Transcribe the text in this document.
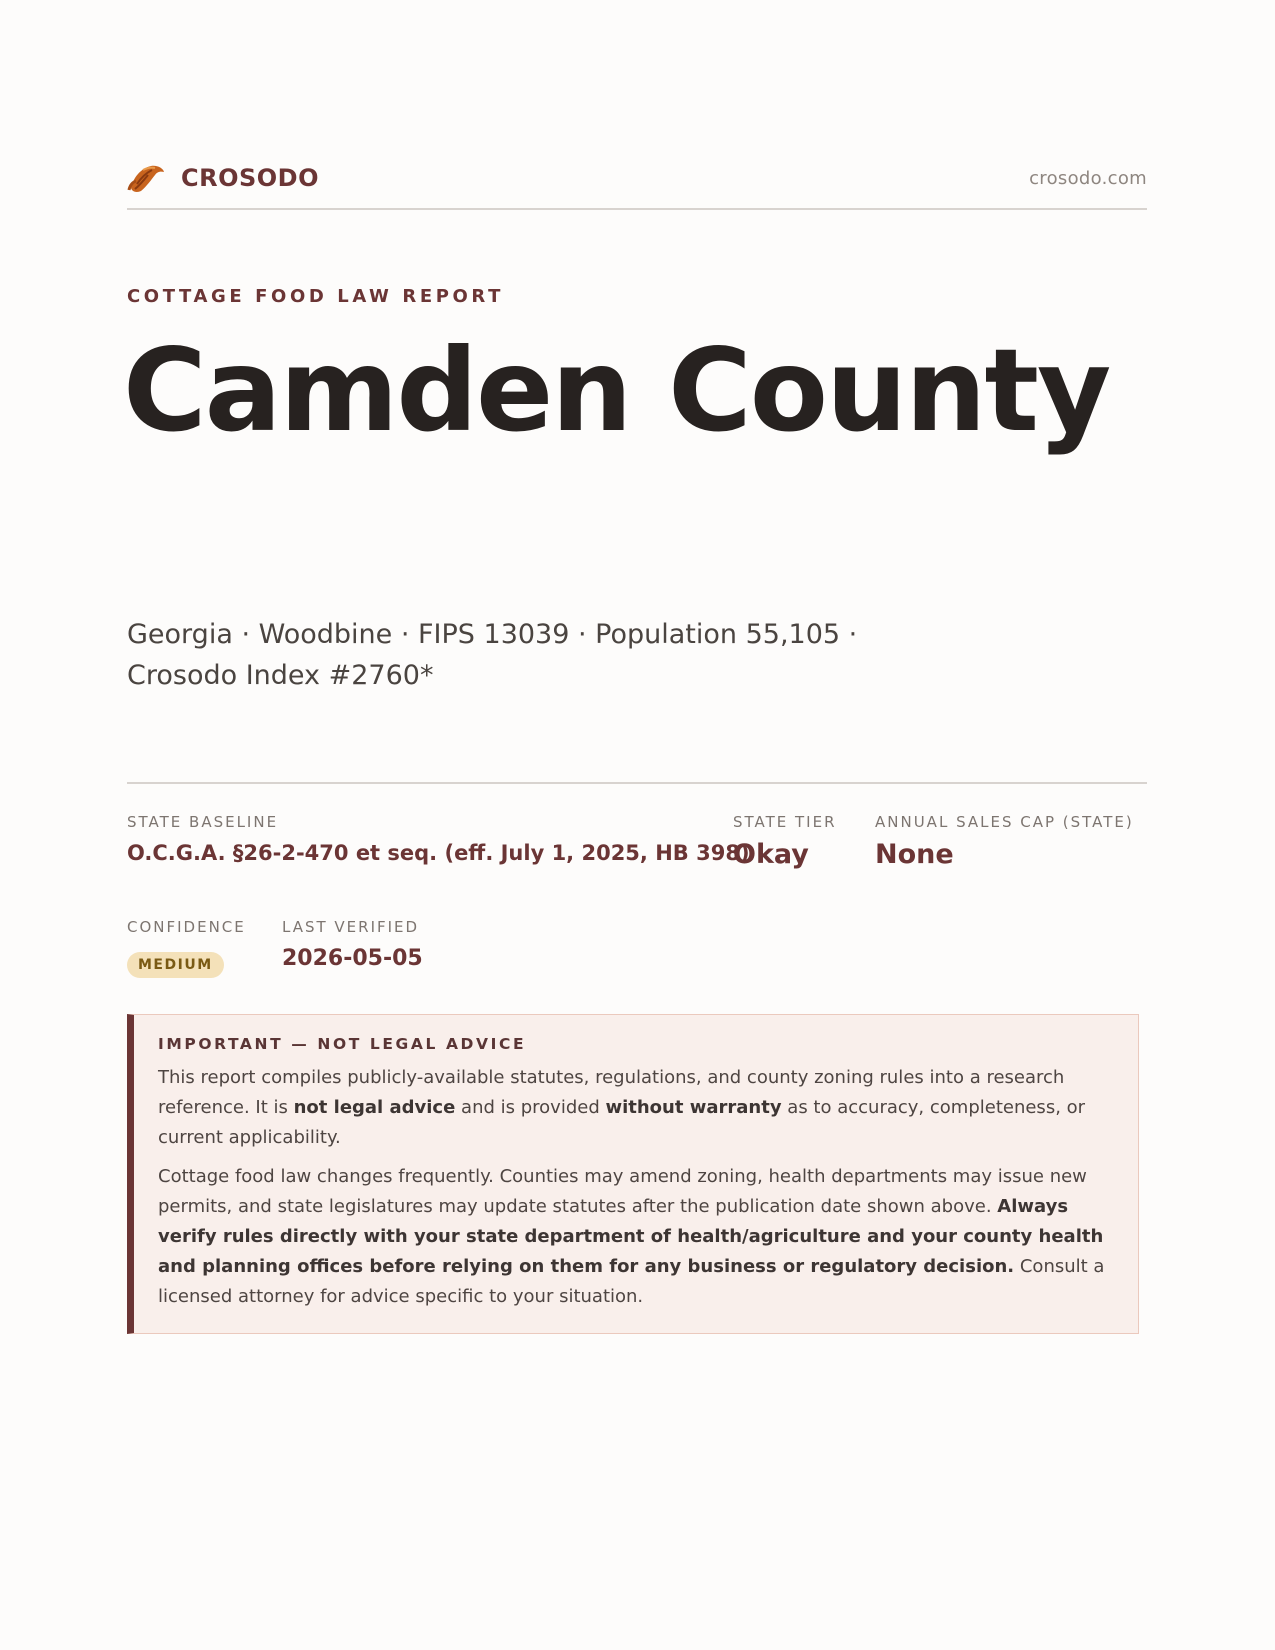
CROSODO	crosodo.com
COTTAGE FOOD LAW REPORT
Camden County
Georgia · Woodbine · FIPS 13039 · Population 55,105 · Crosodo Index #2760*
STATE BASELINE
O.C.G.A. §26-2-470 et seq. (eff. July 1, 2025, HB 398)
STATE TIER
Okay
ANNUAL SALES CAP (STATE)
None
CONFIDENCE
MEDIUM
LAST VERIFIED
2026-05-05
IMPORTANT — NOT LEGAL ADVICE

This report compiles publicly-available statutes, regulations, and county zoning rules into a research reference. It is not legal advice and is provided without warranty as to accuracy, completeness, or current applicability.

Cottage food law changes frequently. Counties may amend zoning, health departments may issue new permits, and state legislatures may update statutes after the publication date shown above. Always verify rules directly with your state department of health/agriculture and your county health and planning offices before relying on them for any business or regulatory decision. Consult a licensed attorney for advice specific to your situation.
